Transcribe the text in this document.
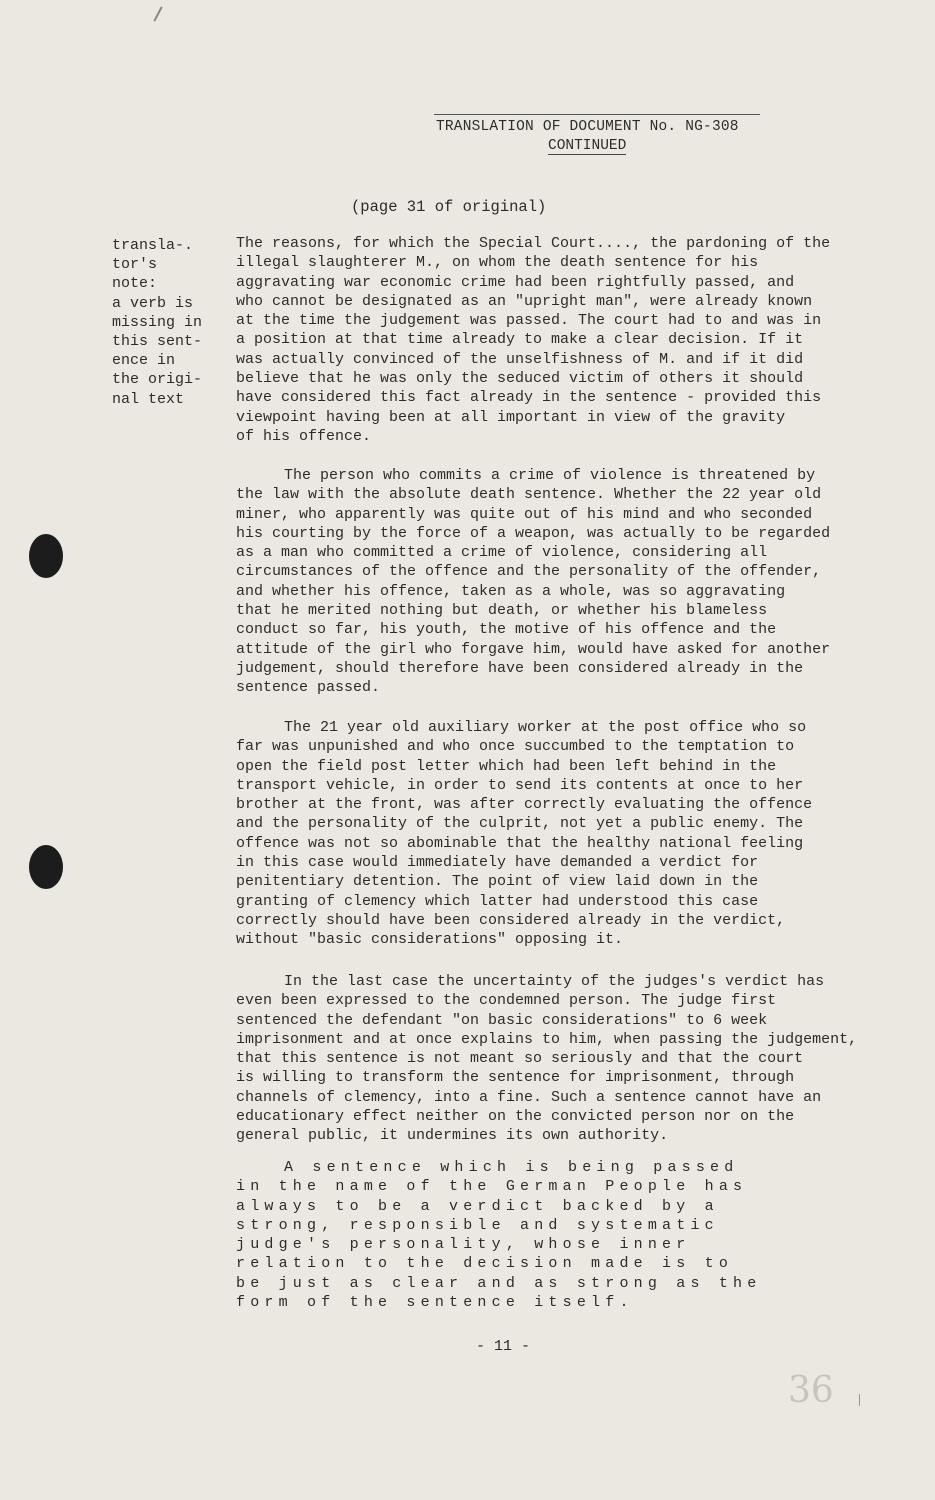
TRANSLATION OF DOCUMENT No. NG-308
CONTINUED
(page 31 of original)
transla-.
tor's
note:
a verb is
missing in
this sent-
ence in
the origi-
nal text
The reasons, for which the Special Court...., the pardoning of the
illegal slaughterer M., on whom the death sentence for his
aggravating war economic crime had been rightfully passed, and
who cannot be designated as an "upright man", were already known
at the time the judgement was passed. The court had to and was in
a position at that time already to make a clear decision. If it
was actually convinced of the unselfishness of M. and if it did
believe that he was only the seduced victim of others it should
have considered this fact already in the sentence - provided this
viewpoint having been at all important in view of the gravity
of his offence.
The person who commits a crime of violence is threatened by
the law with the absolute death sentence. Whether the 22 year old
miner, who apparently was quite out of his mind and who seconded
his courting by the force of a weapon, was actually to be regarded
as a man who committed a crime of violence, considering all
circumstances of the offence and the personality of the offender,
and whether his offence, taken as a whole, was so aggravating
that he merited nothing but death, or whether his blameless
conduct so far, his youth, the motive of his offence and the
attitude of the girl who forgave him, would have asked for another
judgement, should therefore have been considered already in the
sentence passed.
The 21 year old auxiliary worker at the post office who so
far was unpunished and who once succumbed to the temptation to
open the field post letter which had been left behind in the
transport vehicle, in order to send its contents at once to her
brother at the front, was after correctly evaluating the offence
and the personality of the culprit, not yet a public enemy. The
offence was not so abominable that the healthy national feeling
in this case would immediately have demanded a verdict for
penitentiary detention. The point of view laid down in the
granting of clemency which latter had understood this case
correctly should have been considered already in the verdict,
without "basic considerations" opposing it.
In the last case the uncertainty of the judges's verdict has
even been expressed to the condemned person. The judge first
sentenced the defendant "on basic considerations" to 6 week
imprisonment and at once explains to him, when passing the judgement,
that this sentence is not meant so seriously and that the court
is willing to transform the sentence for imprisonment, through
channels of clemency, into a fine. Such a sentence cannot have an
educationary effect neither on the convicted person nor on the
general public, it undermines its own authority.
A sentence which is being passed
in the name of the German People has
always to be a verdict backed by a
strong, responsible and systematic
judge's personality, whose inner
relation to the decision made is to
be just as clear and as strong as the
form of the sentence itself.
- 11 -
36
